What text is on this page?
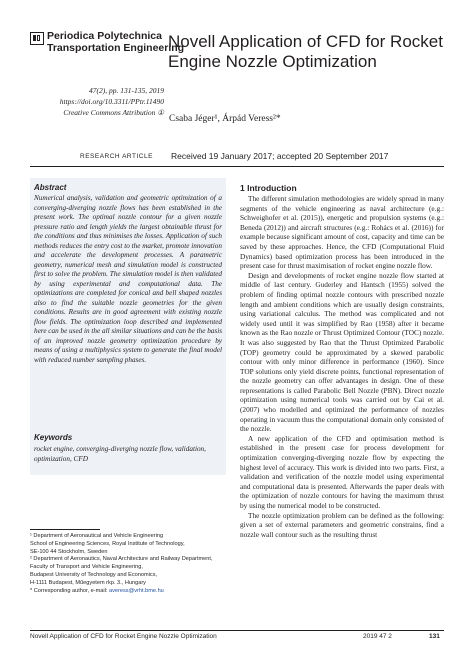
Periodica Polytechnica
Transportation Engineering
47(2), pp. 131-135, 2019
https://doi.org/10.3311/PPtr.11490
Creative Commons Attribution ①
Novell Application of CFD for Rocket
Engine Nozzle Optimization
Csaba Jéger¹, Árpád Veress²*
RESEARCH ARTICLE Received 19 January 2017; accepted 20 September 2017
Abstract
Numerical analysis, validation and geometric optimization of a converging-diverging nozzle flows has been established in the present work. The optimal nozzle contour for a given nozzle pressure ratio and length yields the largest obtainable thrust for the conditions and thus minimises the losses. Application of such methods reduces the entry cost to the market, promote innovation and accelerate the development processes. A parametric geometry, numerical mesh and simulation model is constructed first to solve the problem. The simulation model is then validated by using experimental and computational data. The optimizations are completed for conical and bell shaped nozzles also to find the suitable nozzle geometries for the given conditions. Results are in good agreement with existing nozzle flow fields. The optimization loop described and implemented here can be used in the all similar situations and can be the basis of an improved nozzle geometry optimization procedure by means of using a multiphysics system to generate the final model with reduced number sampling phases.
Keywords
rocket engine, converging-diverging nozzle flow, validation, optimization, CFD
¹ Department of Aeronautical and Vehicle Engineering
School of Engineering Sciences, Royal Institute of Technology,
SE-100 44 Stockholm, Sweden
² Department of Aeronautics, Naval Architecture and Railway Department,
Faculty of Transport and Vehicle Engineering,
Budapest University of Technology and Economics,
H-1111 Budapest, Műegyetem rkp. 3., Hungary
* Corresponding author, e-mail: averess@vrht.bme.hu
1 Introduction

The different simulation methodologies are widely spread in many segments of the vehicle engineering as naval architecture (e.g.: Schweighofer et al. (2015)), energetic and propulsion systems (e.g.: Beneda (2012)) and aircraft structures (e.g.: Rohács et al. (2016)) for example because significant amount of cost, capacity and time can be saved by these approaches. Hence, the CFD (Computational Fluid Dynamics) based optimization process has been introduced in the present case for thrust maximisation of rocket engine nozzle flow.

Design and developments of rocket engine nozzle flow started at middle of last century. Guderley and Hantsch (1955) solved the problem of finding optimal nozzle contours with prescribed nozzle length and ambient conditions which are usually design constraints, using variational calculus. The method was complicated and not widely used until it was simplified by Rao (1958) after it became known as the Rao nozzle or Thrust Optimized Contour (TOC) nozzle. It was also suggested by Rao that the Thrust Optimized Parabolic (TOP) geometry could be approximated by a skewed parabolic contour with only minor difference in performance (1960). Since TOP solutions only yield discrete points, functional representation of the nozzle geometry can offer advantages in design. One of these representations is called Parabolic Bell Nozzle (PBN). Direct nozzle optimization using numerical tools was carried out by Cai et al. (2007) who modelled and optimized the performance of nozzles operating in vacuum thus the computational domain only consisted of the nozzle.

A new application of the CFD and optimisation method is established in the present case for process development for optimization converging-diverging nozzle flow by expecting the highest level of accuracy. This work is divided into two parts. First, a validation and verification of the nozzle model using experimental and computational data is presented. Afterwards the paper deals with the optimization of nozzle contours for having the maximum thrust by using the numerical model to be constructed.

The nozzle optimization problem can be defined as the following: given a set of external parameters and geometric constrains, find a nozzle wall contour such as the resulting thrust

Novell Application of CFD for Rocket Engine Nozzle Optimization	2019 47 2	131
